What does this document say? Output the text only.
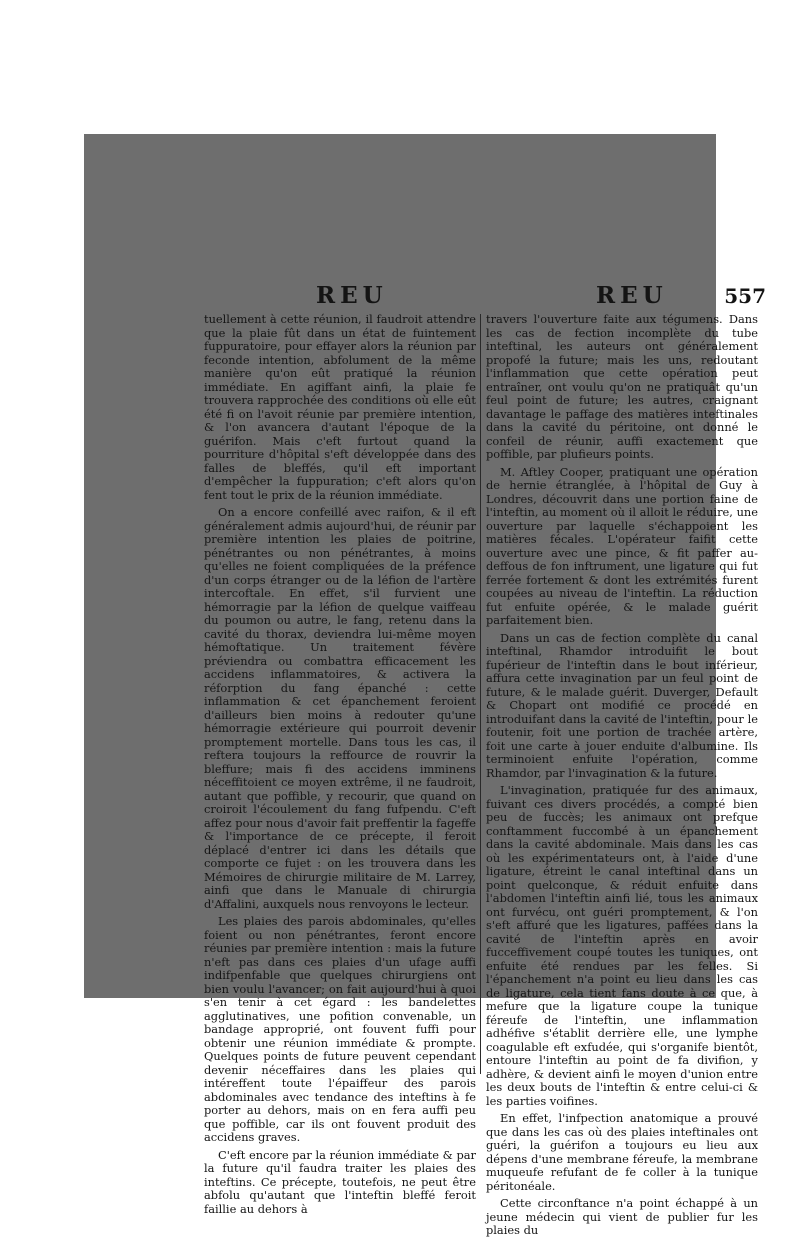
REU	REU	557

tuellement à cette réunion, il faudroit attendre que la plaie fût dans un état de fuintement fuppuratoire, pour effayer alors la réunion par feconde intention, abfolument de la même manière qu'on eût pratiqué la réunion immédiate. En agiffant ainfi, la plaie fe trouvera rapprochée des conditions où elle eût été fi on l'avoit réunie par première intention, & l'on avancera d'autant l'époque de la guérifon. Mais c'eft furtout quand la pourriture d'hôpital s'eft développée dans des falles de bleffés, qu'il eft important d'empêcher la fuppuration; c'eft alors qu'on fent tout le prix de la réunion immédiate.

On a encore confeillé avec raifon, & il eft généralement admis aujourd'hui, de réunir par première intention les plaies de poitrine, pénétrantes ou non pénétrantes, à moins qu'elles ne foient compliquées de la préfence d'un corps étranger ou de la léfion de l'artère intercoftale. En effet, s'il furvient une hémorragie par la léfion de quelque vaiffeau du poumon ou autre, le fang, retenu dans la cavité du thorax, deviendra lui-même moyen hémoftatique. Un traitement févère préviendra ou combattra efficacement les accidens inflammatoires, & activera la réforption du fang épanché : cette inflammation & cet épanchement feroient d'ailleurs bien moins à redouter qu'une hémorragie extérieure qui pourroit devenir promptement mortelle. Dans tous les cas, il reftera toujours la reffource de rouvrir la bleffure; mais fi des accidens imminens néceffitoient ce moyen extrême, il ne faudroit, autant que poffible, y recourir, que quand on croiroit l'écoulement du fang fufpendu. C'eft affez pour nous d'avoir fait preffentir la fageffe & l'importance de ce précepte, il feroit déplacé d'entrer ici dans les détails que comporte ce fujet : on les trouvera dans les Mémoires de chirurgie militaire de M. Larrey, ainfi que dans le Manuale di chirurgia d'Affalini, auxquels nous renvoyons le lecteur.

Les plaies des parois abdominales, qu'elles foient ou non pénétrantes, feront encore réunies par première intention : mais la future n'eft pas dans ces plaies d'un ufage auffi indifpenfable que quelques chirurgiens ont bien voulu l'avancer; on fait aujourd'hui à quoi s'en tenir à cet égard : les bandelettes agglutinatives, une pofition convenable, un bandage approprié, ont fouvent fuffi pour obtenir une réunion immédiate & prompte. Quelques points de future peuvent cependant devenir néceffaires dans les plaies qui intéreffent toute l'épaiffeur des parois abdominales avec tendance des inteftins à fe porter au dehors, mais on en fera auffi peu que poffible, car ils ont fouvent produit des accidens graves.

C'eft encore par la réunion immédiate & par la future qu'il faudra traiter les plaies des inteftins. Ce précepte, toutefois, ne peut être abfolu qu'autant que l'inteftin bleffé feroit faillie au dehors à

travers l'ouverture faite aux tégumens. Dans les cas de fection incomplète du tube inteftinal, les auteurs ont généralement propofé la future; mais les uns, redoutant l'inflammation que cette opération peut entraîner, ont voulu qu'on ne pratiquât qu'un feul point de future; les autres, craignant davantage le paffage des matières inteftinales dans la cavité du péritoine, ont donné le confeil de réunir, auffi exactement que poffible, par plufieurs points.

M. Aftley Cooper, pratiquant une opération de hernie étranglée, à l'hôpital de Guy à Londres, découvrit dans une portion faine de l'inteftin, au moment où il alloit le réduire, une ouverture par laquelle s'échappoient les matières fécales. L'opérateur faifit cette ouverture avec une pince, & fit paffer au-deffous de fon inftrument, une ligature qui fut ferrée fortement & dont les extrémités furent coupées au niveau de l'inteftin. La réduction fut enfuite opérée, & le malade guérit parfaitement bien.

Dans un cas de fection complète du canal inteftinal, Rhamdor introduifit le bout fupérieur de l'inteftin dans le bout inférieur, affura cette invagination par un feul point de future, & le malade guérit. Duverger, Default & Chopart ont modifié ce procédé en introduifant dans la cavité de l'inteftin, pour le foutenir, foit une portion de trachée artère, foit une carte à jouer enduite d'albumine. Ils terminoient enfuite l'opération, comme Rhamdor, par l'invagination & la future.

L'invagination, pratiquée fur des animaux, fuivant ces divers procédés, a compté bien peu de fuccès; les animaux ont prefque conftamment fuccombé à un épanchement dans la cavité abdominale. Mais dans les cas où les expérimentateurs ont, à l'aide d'une ligature, étreint le canal inteftinal dans un point quelconque, & réduit enfuite dans l'abdomen l'inteftin ainfi lié, tous les animaux ont furvécu, ont guéri promptement, & l'on s'eft affuré que les ligatures, paffées dans la cavité de l'inteftin après en avoir fucceffivement coupé toutes les tuniques, ont enfuite été rendues par les felles. Si l'épanchement n'a point eu lieu dans les cas de ligature, cela tient fans doute à ce que, à mefure que la ligature coupe la tunique féreufe de l'inteftin, une inflammation adhéfive s'établit derrière elle, une lymphe coagulable eft exfudée, qui s'organife bientôt, entoure l'inteftin au point de fa divifion, y adhère, & devient ainfi le moyen d'union entre les deux bouts de l'inteftin & entre celui-ci & les parties voifines.

En effet, l'infpection anatomique a prouvé que dans les cas où des plaies inteftinales ont guéri, la guérifon a toujours eu lieu aux dépens d'une membrane féreufe, la membrane muqueufe refufant de fe coller à la tunique péritonéale.

Cette circonftance n'a point échappé à un jeune médecin qui vient de publier fur les plaies du
